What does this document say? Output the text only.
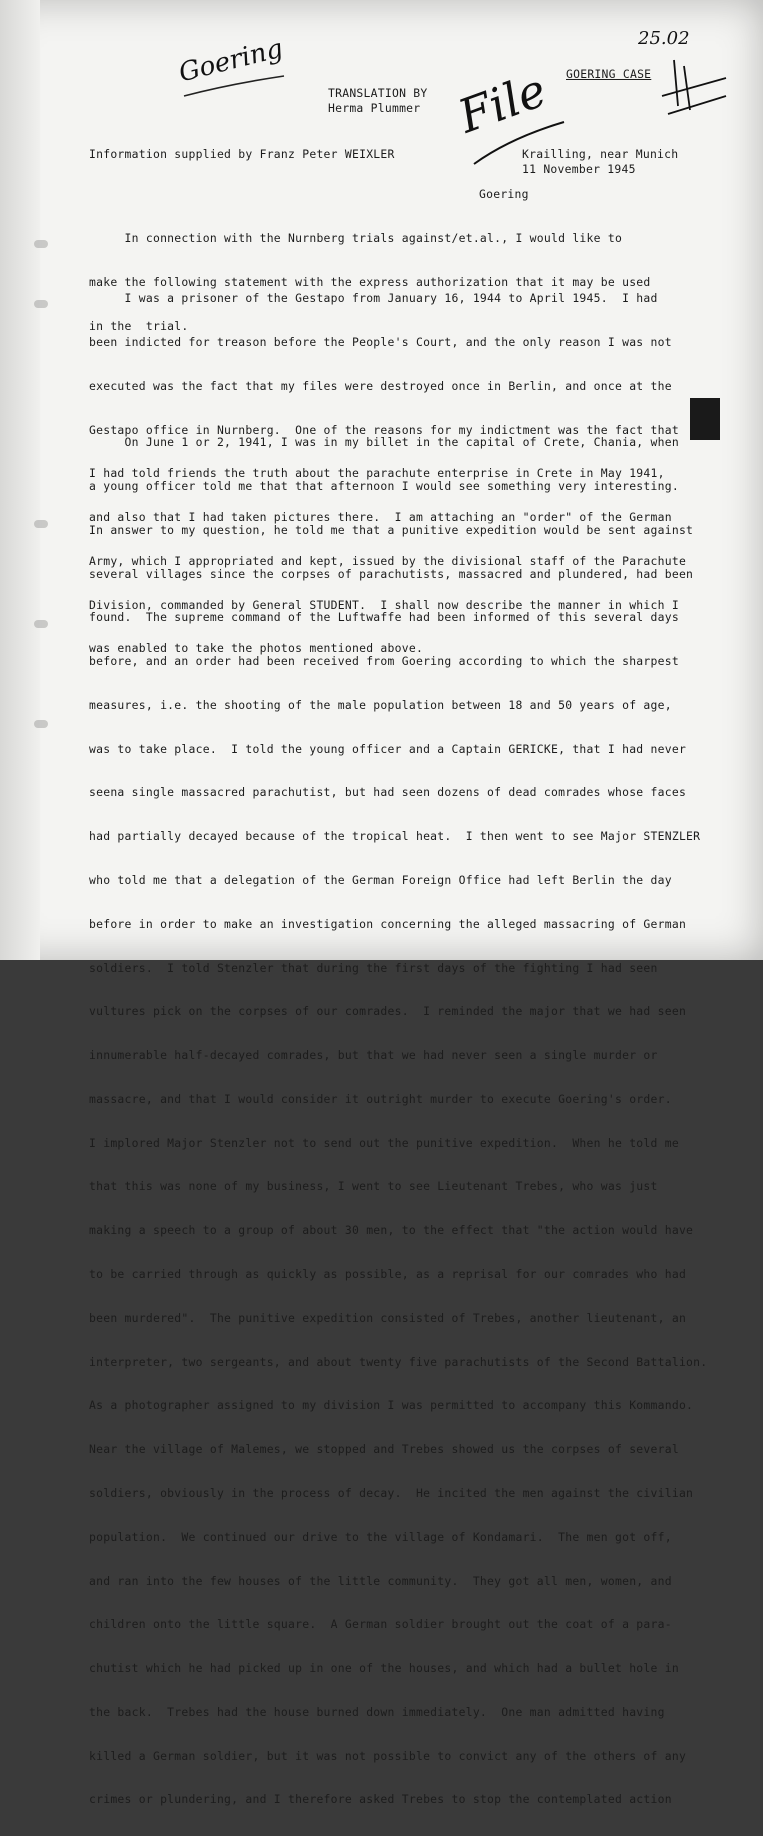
Goering
File
25.02
TRANSLATION BY
Herma Plummer
GOERING CASE
Information supplied by Franz Peter WEIXLER	Krailling, near Munich
11 November 1945
Goering

In connection with the Nurnberg trials against/et.al., I would like to

make the following statement with the express authorization that it may be used

in the  trial.

I was a prisoner of the Gestapo from January 16, 1944 to April 1945.  I had

been indicted for treason before the People's Court, and the only reason I was not

executed was the fact that my files were destroyed once in Berlin, and once at the

Gestapo office in Nurnberg.  One of the reasons for my indictment was the fact that

I had told friends the truth about the parachute enterprise in Crete in May 1941,

and also that I had taken pictures there.  I am attaching an "order" of the German

Army, which I appropriated and kept, issued by the divisional staff of the Parachute

Division, commanded by General STUDENT.  I shall now describe the manner in which I

was enabled to take the photos mentioned above.

On June 1 or 2, 1941, I was in my billet in the capital of Crete, Chania, when

a young officer told me that that afternoon I would see something very interesting.

In answer to my question, he told me that a punitive expedition would be sent against

several villages since the corpses of parachutists, massacred and plundered, had been

found.  The supreme command of the Luftwaffe had been informed of this several days

before, and an order had been received from Goering according to which the sharpest

measures, i.e. the shooting of the male population between 18 and 50 years of age,

was to take place.  I told the young officer and a Captain GERICKE, that I had never

seena single massacred parachutist, but had seen dozens of dead comrades whose faces

had partially decayed because of the tropical heat.  I then went to see Major STENZLER

who told me that a delegation of the German Foreign Office had left Berlin the day

before in order to make an investigation concerning the alleged massacring of German

soldiers.  I told Stenzler that during the first days of the fighting I had seen

vultures pick on the corpses of our comrades.  I reminded the major that we had seen

innumerable half-decayed comrades, but that we had never seen a single murder or

massacre, and that I would consider it outright murder to execute Goering's order.

I implored Major Stenzler not to send out the punitive expedition.  When he told me

that this was none of my business, I went to see Lieutenant Trebes, who was just

making a speech to a group of about 30 men, to the effect that "the action would have

to be carried through as quickly as possible, as a reprisal for our comrades who had

been murdered".  The punitive expedition consisted of Trebes, another lieutenant, an

interpreter, two sergeants, and about twenty five parachutists of the Second Battalion.

As a photographer assigned to my division I was permitted to accompany this Kommando.

Near the village of Malemes, we stopped and Trebes showed us the corpses of several

soldiers, obviously in the process of decay.  He incited the men against the civilian

population.  We continued our drive to the village of Kondamari.  The men got off,

and ran into the few houses of the little community.  They got all men, women, and

children onto the little square.  A German soldier brought out the coat of a para-

chutist which he had picked up in one of the houses, and which had a bullet hole in

the back.  Trebes had the house burned down immediately.  One man admitted having

killed a German soldier, but it was not possible to convict any of the others of any

crimes or plundering, and I therefore asked Trebes to stop the contemplated action
